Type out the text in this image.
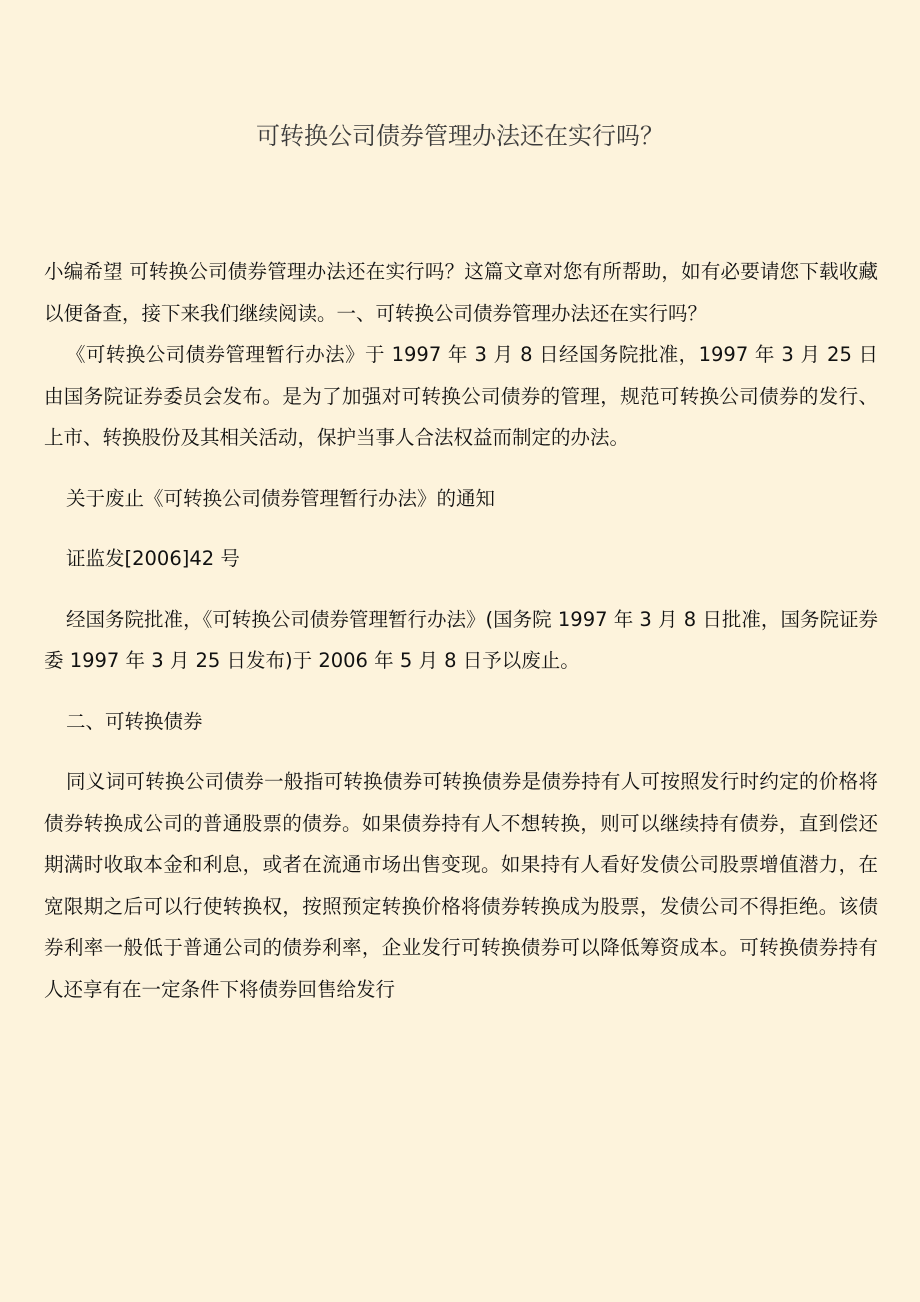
可转换公司债券管理办法还在实行吗？

小编希望 可转换公司债券管理办法还在实行吗？这篇文章对您有所帮助，如有必要请您下载收藏以便备查，接下来我们继续阅读。一、可转换公司债券管理办法还在实行吗？

《可转换公司债券管理暂行办法》于 1997 年 3 月 8 日经国务院批准，1997 年 3 月 25 日由国务院证券委员会发布。是为了加强对可转换公司债券的管理，规范可转换公司债券的发行、上市、转换股份及其相关活动，保护当事人合法权益而制定的办法。

关于废止《可转换公司债券管理暂行办法》的通知

证监发[2006]42 号

经国务院批准，《可转换公司债券管理暂行办法》(国务院 1997 年 3 月 8 日批准，国务院证券委 1997 年 3 月 25 日发布)于 2006 年 5 月 8 日予以废止。

二、可转换债券

同义词可转换公司债券一般指可转换债券可转换债券是债券持有人可按照发行时约定的价格将债券转换成公司的普通股票的债券。如果债券持有人不想转换，则可以继续持有债券，直到偿还期满时收取本金和利息，或者在流通市场出售变现。如果持有人看好发债公司股票增值潜力，在宽限期之后可以行使转换权，按照预定转换价格将债券转换成为股票，发债公司不得拒绝。该债券利率一般低于普通公司的债券利率，企业发行可转换债券可以降低筹资成本。可转换债券持有人还享有在一定条件下将债券回售给发行
